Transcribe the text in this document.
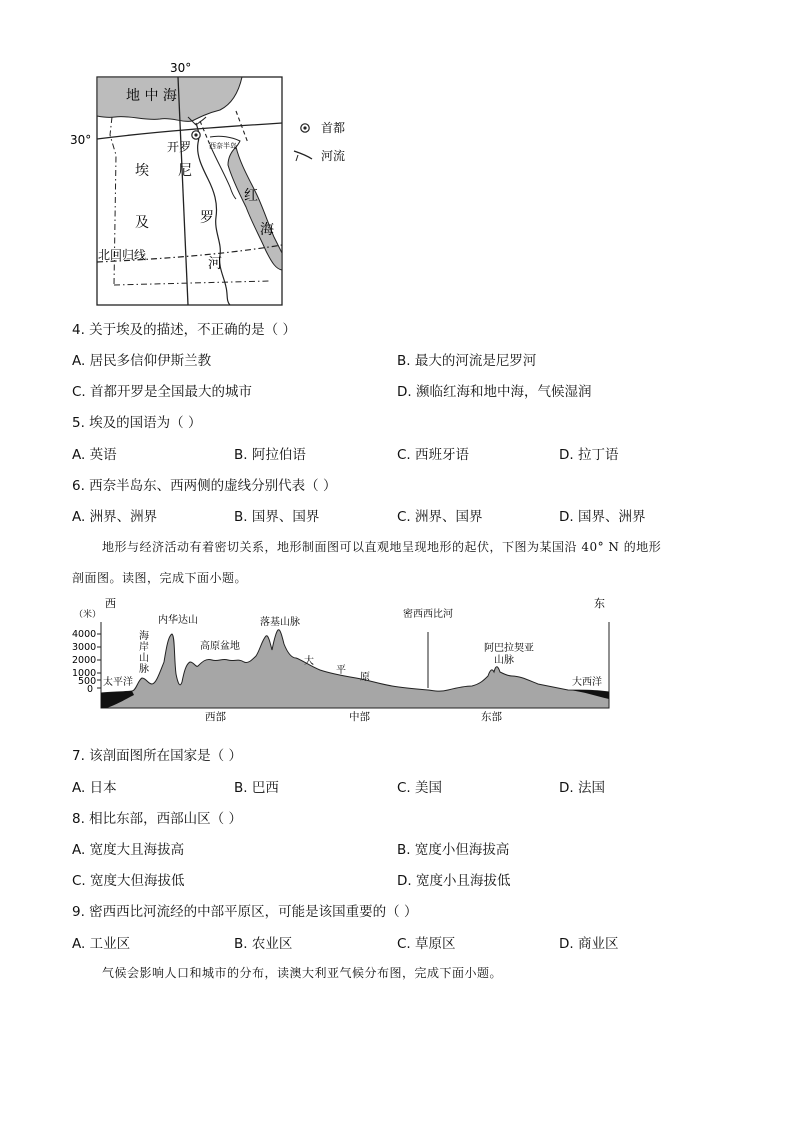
30°
30°
地 中 海
开罗	西奈半岛
埃
及
尼
罗
河
红
海
北回归线
首都
河流
4. 关于埃及的描述，不正确的是（ ）
A. 居民多信仰伊斯兰教	B. 最大的河流是尼罗河
C. 首都开罗是全国最大的城市	D. 濒临红海和地中海，气候湿润
5. 埃及的国语为（ ）
A. 英语	B. 阿拉伯语	C. 西班牙语	D. 拉丁语
6. 西奈半岛东、西两侧的虚线分别代表（ ）
A. 洲界、洲界	B. 国界、国界	C. 洲界、国界	D. 国界、洲界
地形与经济活动有着密切关系，地形制面图可以直观地呈现地形的起伏，下图为某国沿 40° N 的地形
剖面图。读图，完成下面小题。
西	东
（米）
4000
3000
2000
1000
500
0
太平洋
海
岸
山
脉
内华达山
高原盆地
落基山脉
大
平
原
密西西比河
阿巴拉契亚
山脉
大西洋
西部	中部	东部
7. 该剖面图所在国家是（ ）
A. 日本	B. 巴西	C. 美国	D. 法国
8. 相比东部，西部山区（ ）
A. 宽度大且海拔高	B. 宽度小但海拔高
C. 宽度大但海拔低	D. 宽度小且海拔低
9. 密西西比河流经的中部平原区，可能是该国重要的（ ）
A. 工业区	B. 农业区	C. 草原区	D. 商业区
气候会影响人口和城市的分布，读澳大利亚气候分布图，完成下面小题。
